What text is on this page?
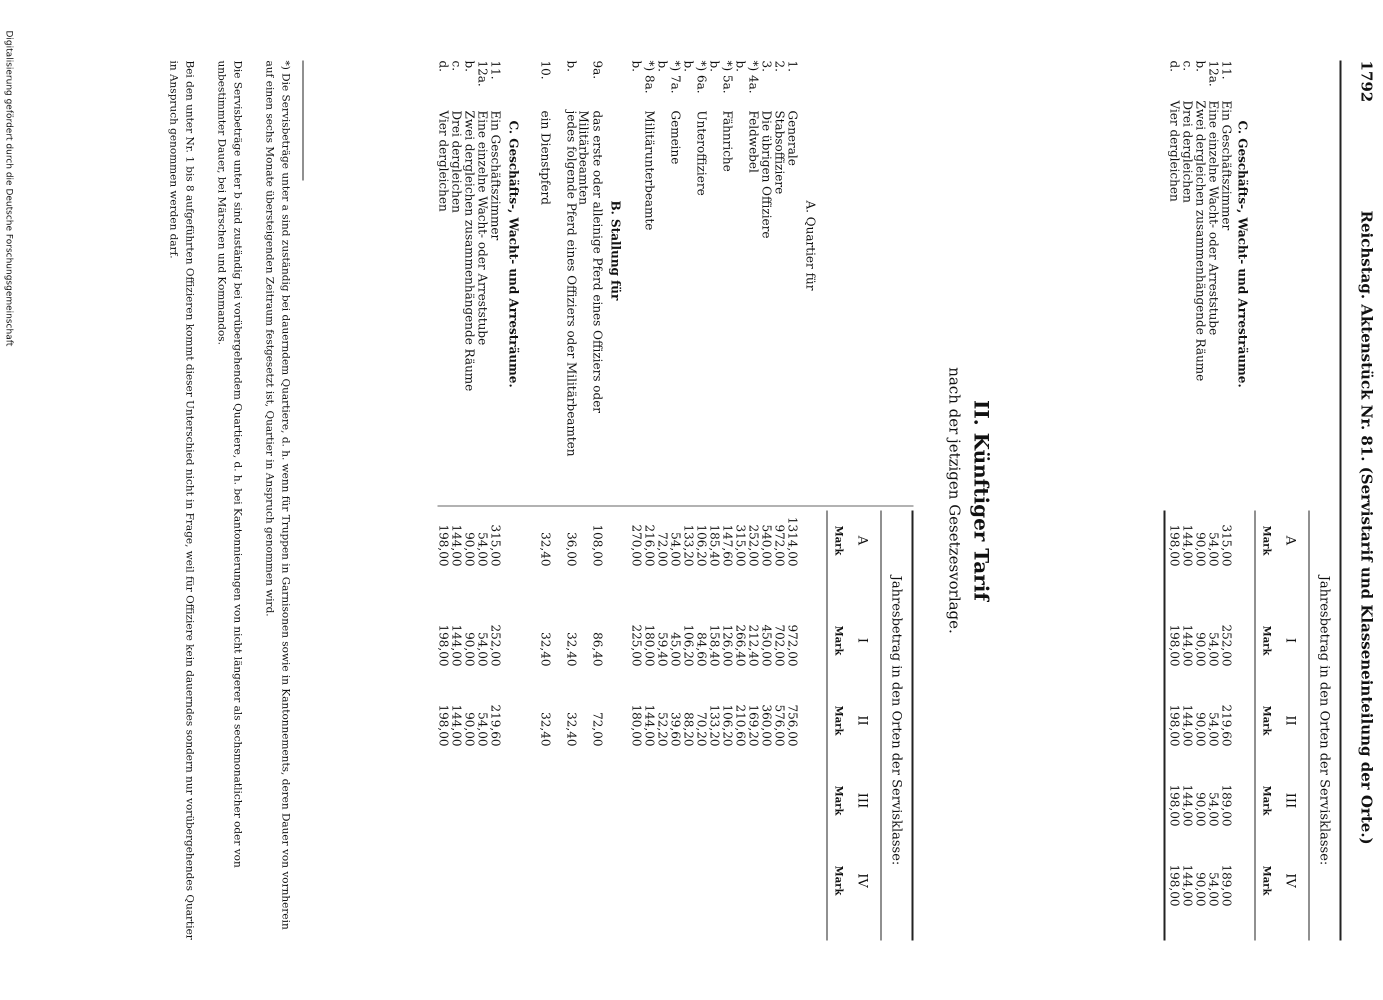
1792
Reichstag. Aktenstück Nr. 81. (Servistarif und Klasseneinteilung der Orte.)
Jahresbetrag in den Orten der Servisklasse:
A
Mark
I
Mark
II
Mark
III
Mark
IV
Mark
C. Geschäfts-, Wacht- und Arresträume.
11.
Ein Geschäftszimmer
315,00
252,00
219,60
189,00
12a.
Eine einzelne Wacht- oder Arreststube
54,00
54,00
54,00
54,00
54,00
b.
Zwei dergleichen zusammenhängende Räume
90,00
90,00
90,00
90,00
90,00
c.
Drei dergleichen
144,00
144,00
144,00
144,00
144,00
d.
Vier dergleichen
198,00
198,00
198,00
198,00
198,00	189,00
II. Künftiger Tarif
nach der jetzigen Gesetzesvorlage.
Jahresbetrag in den Orten der Servisklasse:
A
Mark
I
Mark
II
Mark
III
Mark
IV
Mark
A. Quartier für
1.
Generale
1314,00
972,00
756,00
2.
Stabsoffiziere
972,00
702,00
576,00
3.
Die übrigen Offiziere
540,00
450,00
360,00
*) 4a.
Feldwebel
252,00
212,40
169,20
b.
315,00
266,40
210,60
*) 5a.
Fähnriche
147,60
126,00
106,20
b.
185,40
158,40
133,20
*) 6a.
Unteroffiziere
106,20
84,60
70,20
b.
133,20
106,20
88,20
*) 7a.
Gemeine
54,00
45,00
39,60
b.
72,00
59,40
52,20
*) 8a.
Militärunterbeamte
216,00
180,00
144,00
b.
270,00
225,00
180,00
B. Stallung für
9a.
das erste oder alleinige Pferd eines Offiziers oder Militärbeamten
108,00
86,40
72,00
b.
jedes folgende Pferd eines Offiziers oder Militärbeamten
36,00
32,40
32,40
10.
ein Dienstpferd
32,40
32,40
32,40
C. Geschäfts-, Wacht- und Arresträume.
11.
Ein Geschäftszimmer
315,00
252,00
219,60
12a.
Eine einzelne Wacht- oder Arreststube
54,00
54,00
54,00
b.
Zwei dergleichen zusammenhängende Räume
90,00
90,00
90,00
c.
Drei dergleichen
144,00
144,00
144,00
d.
Vier dergleichen
198,00
198,00
198,00
*) Die Servisbeträge unter a sind zuständig bei dauerndem Quartiere, d. h. wenn für Truppen in Garnisonen sowie in Kantonnements, deren Dauer von vornherein auf einen sechs Monate übersteigenden Zeitraum festgesetzt ist, Quartier in Anspruch genommen wird.
Die Servisbeträge unter b sind zuständig bei vorübergehendem Quartiere, d. h. bei Kantonnierungen von nicht längerer als sechsmonatlicher oder von unbestimmter Dauer, bei Märschen und Kommandos.
Bei den unter Nr. 1 bis 8 aufgeführten Offizieren kommt dieser Unterschied nicht in Frage, weil für Offiziere kein dauerndes sondern nur vorübergehendes Quartier in Anspruch genommen werden darf.
Digitalisierung gefördert durch die Deutsche Forschungsgemeinschaft
